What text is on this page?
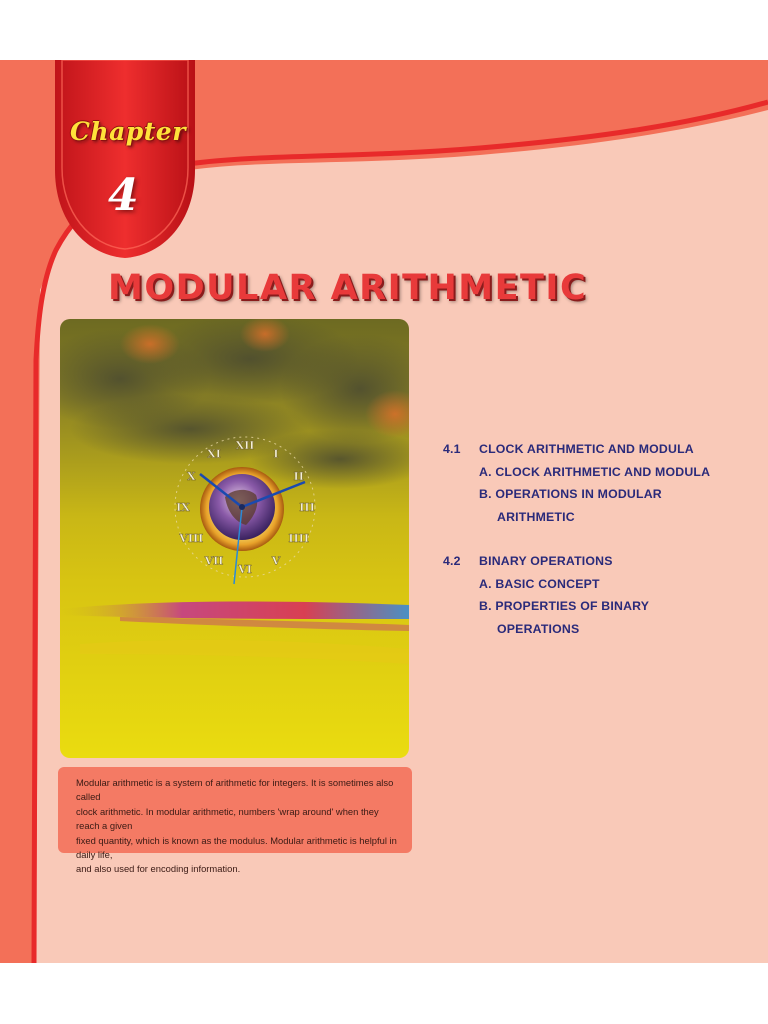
Chapter
4
MODULAR ARITHMETIC
XII
I
II
III
IIII
V
VI
VII
VIII
IX
X
XI	4.1 CLOCK ARITHMETIC AND MODULA
A. CLOCK ARITHMETIC AND MODULA
B. OPERATIONS IN MODULAR
ARITHMETIC
4.2 BINARY OPERATIONS
A. BASIC CONCEPT
B. PROPERTIES OF BINARY
OPERATIONS
Modular arithmetic is a system of arithmetic for integers. It is sometimes also called
clock arithmetic. In modular arithmetic, numbers 'wrap around' when they reach a given
fixed quantity, which is known as the modulus. Modular arithmetic is helpful in daily life,
and also used for encoding information.
